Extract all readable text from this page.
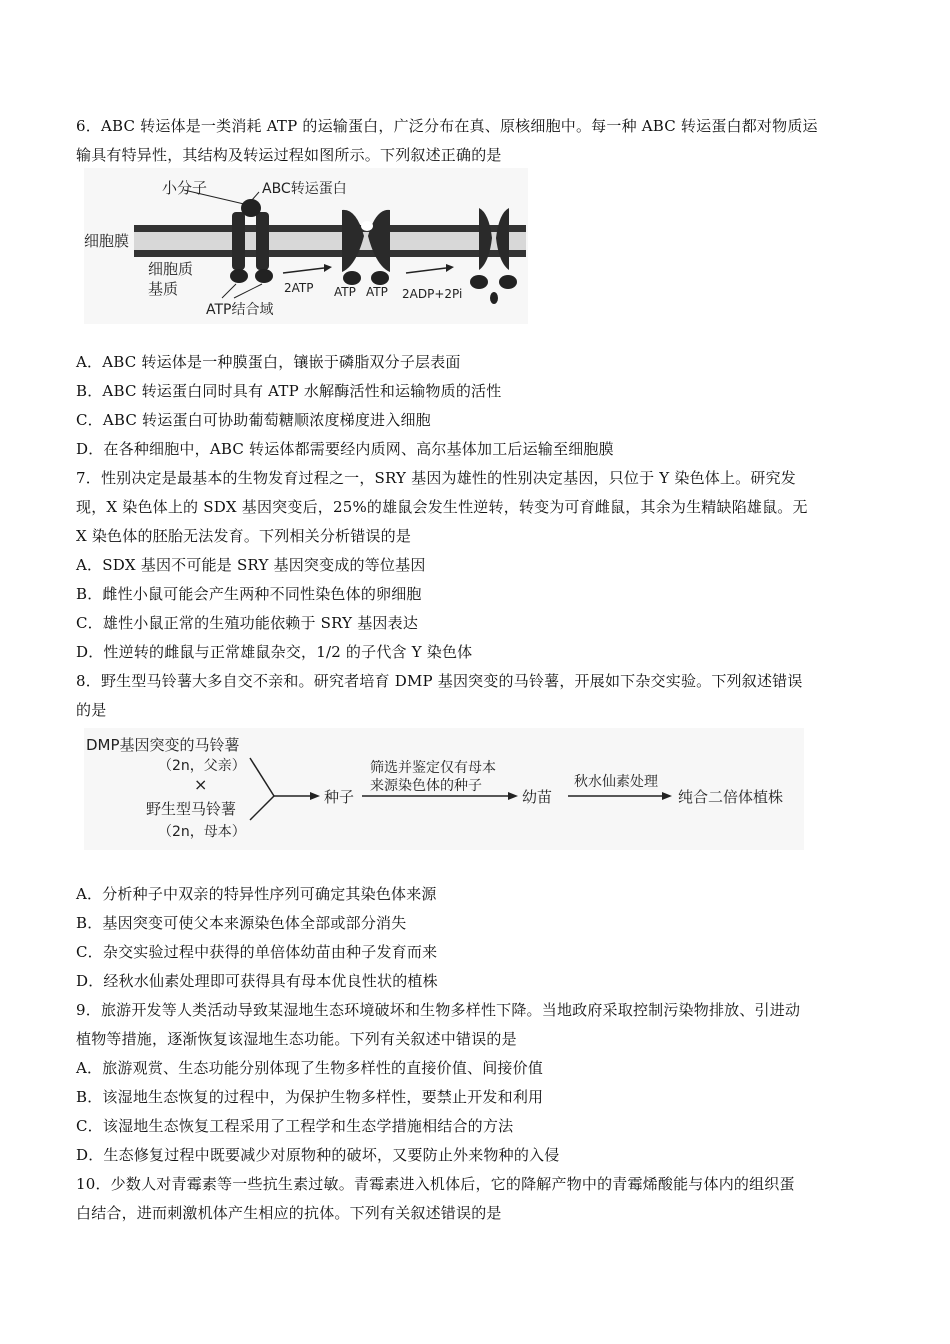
6．ABC 转运体是一类消耗 ATP 的运输蛋白，广泛分布在真、原核细胞中。每一种 ABC 转运蛋白都对物质运
输具有特异性，其结构及转运过程如图所示。下列叙述正确的是
小分子	ABC转运蛋白
细胞膜
细胞质
基质
ATP结合域
2ATP ATP ATP 2ADP+2Pi
A．ABC 转运体是一种膜蛋白，镶嵌于磷脂双分子层表面
B．ABC 转运蛋白同时具有 ATP 水解酶活性和运输物质的活性
C．ABC 转运蛋白可协助葡萄糖顺浓度梯度进入细胞
D．在各种细胞中，ABC 转运体都需要经内质网、高尔基体加工后运输至细胞膜
7．性别决定是最基本的生物发育过程之一，SRY 基因为雄性的性别决定基因，只位于 Y 染色体上。研究发
现，X 染色体上的 SDX 基因突变后，25%的雄鼠会发生性逆转，转变为可育雌鼠，其余为生精缺陷雄鼠。无
X 染色体的胚胎无法发育。下列相关分析错误的是
A．SDX 基因不可能是 SRY 基因突变成的等位基因
B．雌性小鼠可能会产生两种不同性染色体的卵细胞
C．雄性小鼠正常的生殖功能依赖于 SRY 基因表达
D．性逆转的雌鼠与正常雄鼠杂交，1/2 的子代含 Y 染色体
8．野生型马铃薯大多自交不亲和。研究者培育 DMP 基因突变的马铃薯，开展如下杂交实验。下列叙述错误
的是
DMP基因突变的马铃薯
（2n，父亲）
×
野生型马铃薯
（2n，母本）
种子
筛选并鉴定仅有母本
来源染色体的种子
幼苗
秋水仙素处理
纯合二倍体植株
A．分析种子中双亲的特异性序列可确定其染色体来源
B．基因突变可使父本来源染色体全部或部分消失
C．杂交实验过程中获得的单倍体幼苗由种子发育而来
D．经秋水仙素处理即可获得具有母本优良性状的植株
9．旅游开发等人类活动导致某湿地生态环境破坏和生物多样性下降。当地政府采取控制污染物排放、引进动
植物等措施，逐渐恢复该湿地生态功能。下列有关叙述中错误的是
A．旅游观赏、生态功能分别体现了生物多样性的直接价值、间接价值
B．该湿地生态恢复的过程中，为保护生物多样性，要禁止开发和利用
C．该湿地生态恢复工程采用了工程学和生态学措施相结合的方法
D．生态修复过程中既要减少对原物种的破坏，又要防止外来物种的入侵
10．少数人对青霉素等一些抗生素过敏。青霉素进入机体后，它的降解产物中的青霉烯酸能与体内的组织蛋
白结合，进而刺激机体产生相应的抗体。下列有关叙述错误的是
